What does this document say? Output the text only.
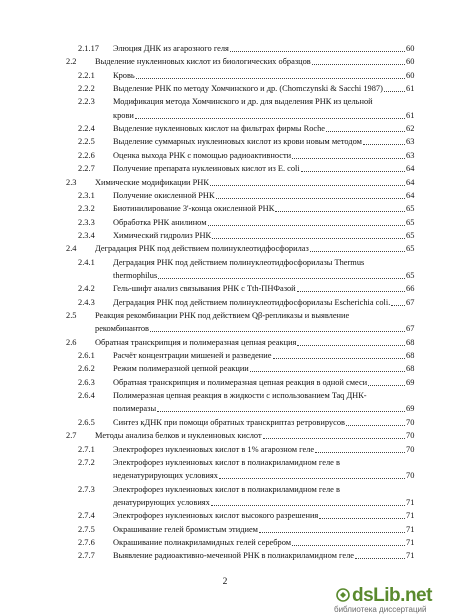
2.1.17 Элюция ДНК из агарозного геля	60
2.2 Выделение нуклеиновых кислот из биологических образцов	60
2.2.1 Кровь	60
2.2.2 Выделение РНК по методу Хомчинского и др. (Chomczynski & Sacchi 1987)	61
2.2.3 Модификация метода Хомчинского и др. для выделения РНК из цельной
крови	61
2.2.4 Выделение нуклеиновых кислот на фильтрах фирмы Roche	62
2.2.5 Выделение суммарных нуклеиновых кислот из крови новым методом	63
2.2.6 Оценка выхода РНК с помощью радиоактивности	63
2.2.7 Получение препарата нуклеиновых кислот из E. coli	64
2.3 Химические модификации РНК	64
2.3.1 Получение окисленной РНК	64
2.3.2 Биотинилирование 3'-конца окисленной РНК	65
2.3.3 Обработка РНК анилином	65
2.3.4 Химический гидролиз РНК	65
2.4 Деградация РНК под действием полинуклеотидфосфорилаз	65
2.4.1 Деградация РНК под действием полинуклеотидфосфорилазы Thermus
thermophilus	65
2.4.2 Гель-шифт анализ связывания РНК с Tth-ПНФазой	66
2.4.3 Деградация РНК под действием полинуклеотидфосфорилазы Escherichia coli. 67
2.5 Реакция рекомбинации РНК под действием Qβ-репликазы и выявление
рекомбинантов	67
2.6 Обратная транскрипция и полимеразная цепная реакция	68
2.6.1 Расчёт концентрации мишеней и разведение	68
2.6.2 Режим полимеразной цепной реакции	68
2.6.3 Обратная транскрипция и полимеразная цепная реакция в одной смеси	69
2.6.4 Полимеразная цепная реакция в жидкости с использованием Taq ДНК-
полимеразы	69
2.6.5 Синтез кДНК при помощи обратных транскриптаз ретровирусов	70
2.7 Методы анализа белков и нуклеиновых кислот	70
2.7.1 Электрофорез нуклеиновых кислот в 1% агарозном геле	70
2.7.2 Электрофорез нуклеиновых кислот в полиакриламидном геле в
неденатурирующих условиях	70
2.7.3 Электрофорез нуклеиновых кислот в полиакриламидном геле в
денатурирующих условиях	71
2.7.4 Электрофорез нуклеиновых кислот высокого разрешения	71
2.7.5 Окрашивание гелей бромистым этидием	71
2.7.6 Окрашивание полиакриламидных гелей серебром	71
2.7.7 Выявление радиоактивно-меченной РНК в полиакриламидном геле	71
2
dsLib.net
библиотека диссертаций
